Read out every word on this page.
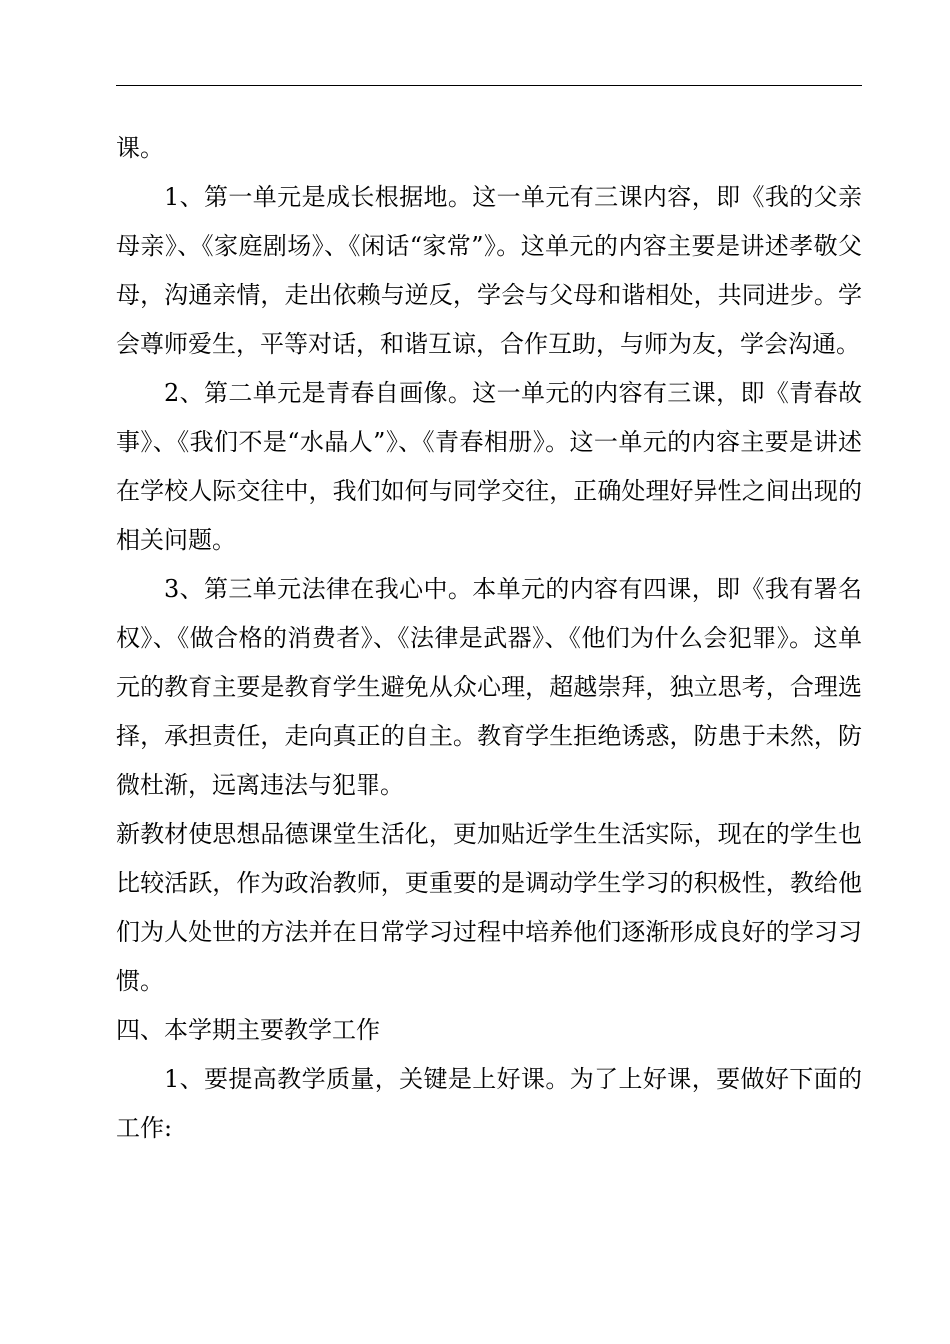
课。

1、第一单元是成长根据地。这一单元有三课内容，即《我的父亲母亲》、《家庭剧场》、《闲话“家常”》。这单元的内容主要是讲述孝敬父母，沟通亲情，走出依赖与逆反，学会与父母和谐相处，共同进步。学会尊师爱生，平等对话，和谐互谅，合作互助，与师为友，学会沟通。

2、第二单元是青春自画像。这一单元的内容有三课，即《青春故事》、《我们不是“水晶人”》、《青春相册》。这一单元的内容主要是讲述在学校人际交往中，我们如何与同学交往，正确处理好异性之间出现的相关问题。

3、第三单元法律在我心中。本单元的内容有四课，即《我有署名权》、《做合格的消费者》、《法律是武器》、《他们为什么会犯罪》。这单元的教育主要是教育学生避免从众心理，超越崇拜，独立思考，合理选择，承担责任，走向真正的自主。教育学生拒绝诱惑，防患于未然，防微杜渐，远离违法与犯罪。

新教材使思想品德课堂生活化，更加贴近学生生活实际，现在的学生也比较活跃，作为政治教师，更重要的是调动学生学习的积极性，教给他们为人处世的方法并在日常学习过程中培养他们逐渐形成良好的学习习惯。

四、本学期主要教学工作

1、要提高教学质量，关键是上好课。为了上好课，要做好下面的工作:
